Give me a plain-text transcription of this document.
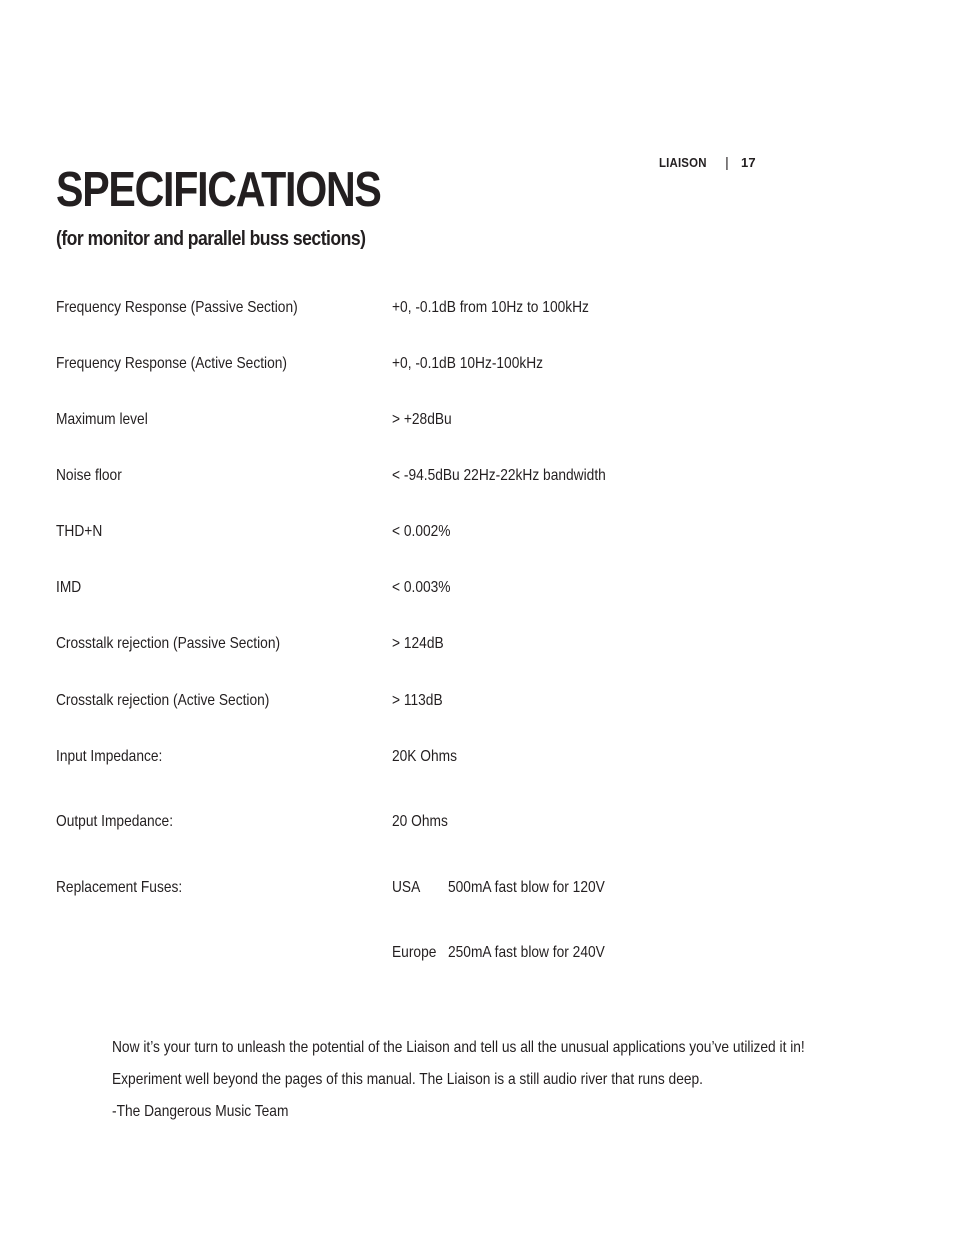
LIAISON | 17
SPECIFICATIONS
(for monitor and parallel buss sections)
Frequency Response (Passive Section)	+0, -0.1dB from 10Hz to 100kHz
Frequency Response (Active Section)	+0, -0.1dB 10Hz-100kHz
Maximum level	> +28dBu
Noise floor	< -94.5dBu 22Hz-22kHz bandwidth
THD+N	< 0.002%
IMD	< 0.003%
Crosstalk rejection (Passive Section)	> 124dB
Crosstalk rejection (Active Section)	> 113dB
Input Impedance:	20K Ohms
Output Impedance:	20 Ohms
Replacement Fuses:	USA 500mA fast blow for 120V
Europe 250mA fast blow for 240V
Now it’s your turn to unleash the potential of the Liaison and tell us all the unusual applications you’ve utilized it in!
Experiment well beyond the pages of this manual. The Liaison is a still audio river that runs deep.
-The Dangerous Music Team
